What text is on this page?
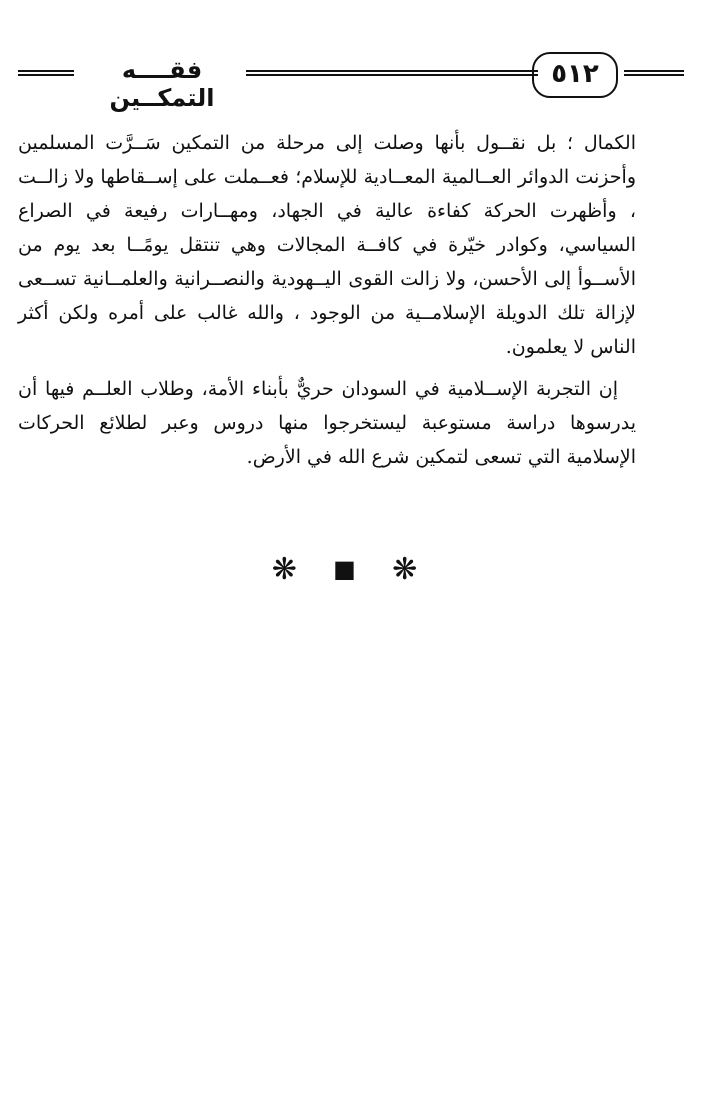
فقــــه التمكــين
٥١٢

الكمال ؛ بل نقــول بأنها وصلت إلى مرحلة من التمكين سَــرَّت المسلمين وأحزنت الدوائر العــالمية المعــادية للإسلام؛ فعــملت على إســقاطها ولا زالــت ، وأظهرت الحركة كفاءة عالية في الجهاد، ومهــارات رفيعة في الصراع السياسي، وكوادر خيّرة في كافــة المجالات وهي تنتقل يومًــا بعد يوم من الأســوأ إلى الأحسن، ولا زالت القوى اليــهودية والنصــرانية والعلمــانية تســعى لإزالة تلك الدويلة الإسلامــية من الوجود ، والله غالب على أمره ولكن أكثر الناس لا يعلمون.

إن التجربة الإســلامية في السودان حريٌّ بأبناء الأمة، وطلاب العلــم فيها أن يدرسوها دراسة مستوعبة ليستخرجوا منها دروس وعبر لطلائع الحركات الإسلامية التي تسعى لتمكين شرع الله في الأرض.

❋ ■ ❋
